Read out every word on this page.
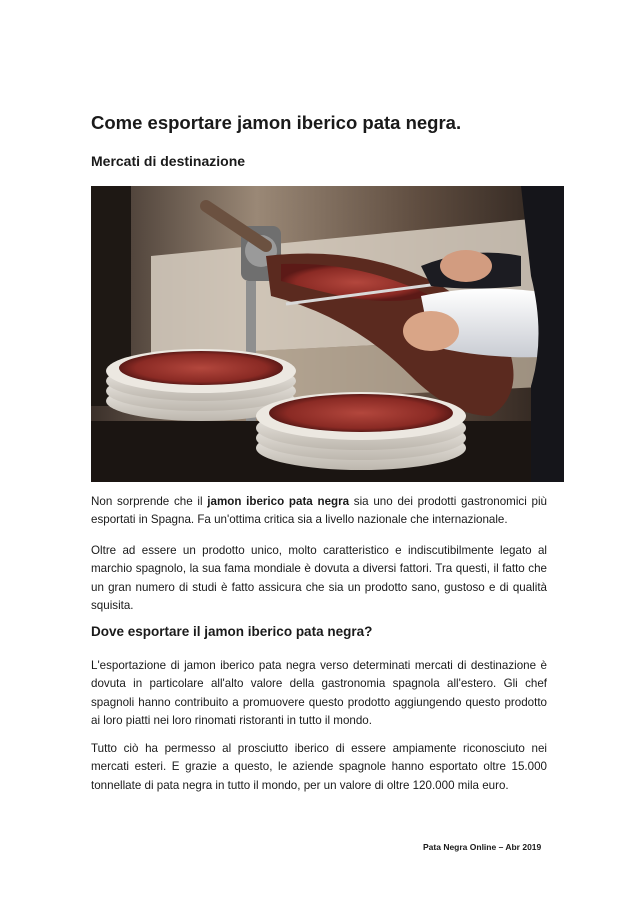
Come esportare jamon iberico pata negra.
Mercati di destinazione

Non sorprende che il jamon iberico pata negra sia uno dei prodotti gastronomici più esportati in Spagna. Fa un'ottima critica sia a livello nazionale che internazionale.

Oltre ad essere un prodotto unico, molto caratteristico e indiscutibilmente legato al marchio spagnolo, la sua fama mondiale è dovuta a diversi fattori. Tra questi, il fatto che un gran numero di studi è fatto assicura che sia un prodotto sano, gustoso e di qualità squisita.

Dove esportare il jamon iberico pata negra?

L'esportazione di jamon iberico pata negra verso determinati mercati di destinazione è dovuta in particolare all'alto valore della gastronomia spagnola all'estero. Gli chef spagnoli hanno contribuito a promuovere questo prodotto aggiungendo questo prodotto ai loro piatti nei loro rinomati ristoranti in tutto il mondo.

Tutto ciò ha permesso al prosciutto iberico di essere ampiamente riconosciuto nei mercati esteri. E grazie a questo, le aziende spagnole hanno esportato oltre 15.000 tonnellate di pata negra in tutto il mondo, per un valore di oltre 120.000 mila euro.

Pata Negra Online – Abr 2019
